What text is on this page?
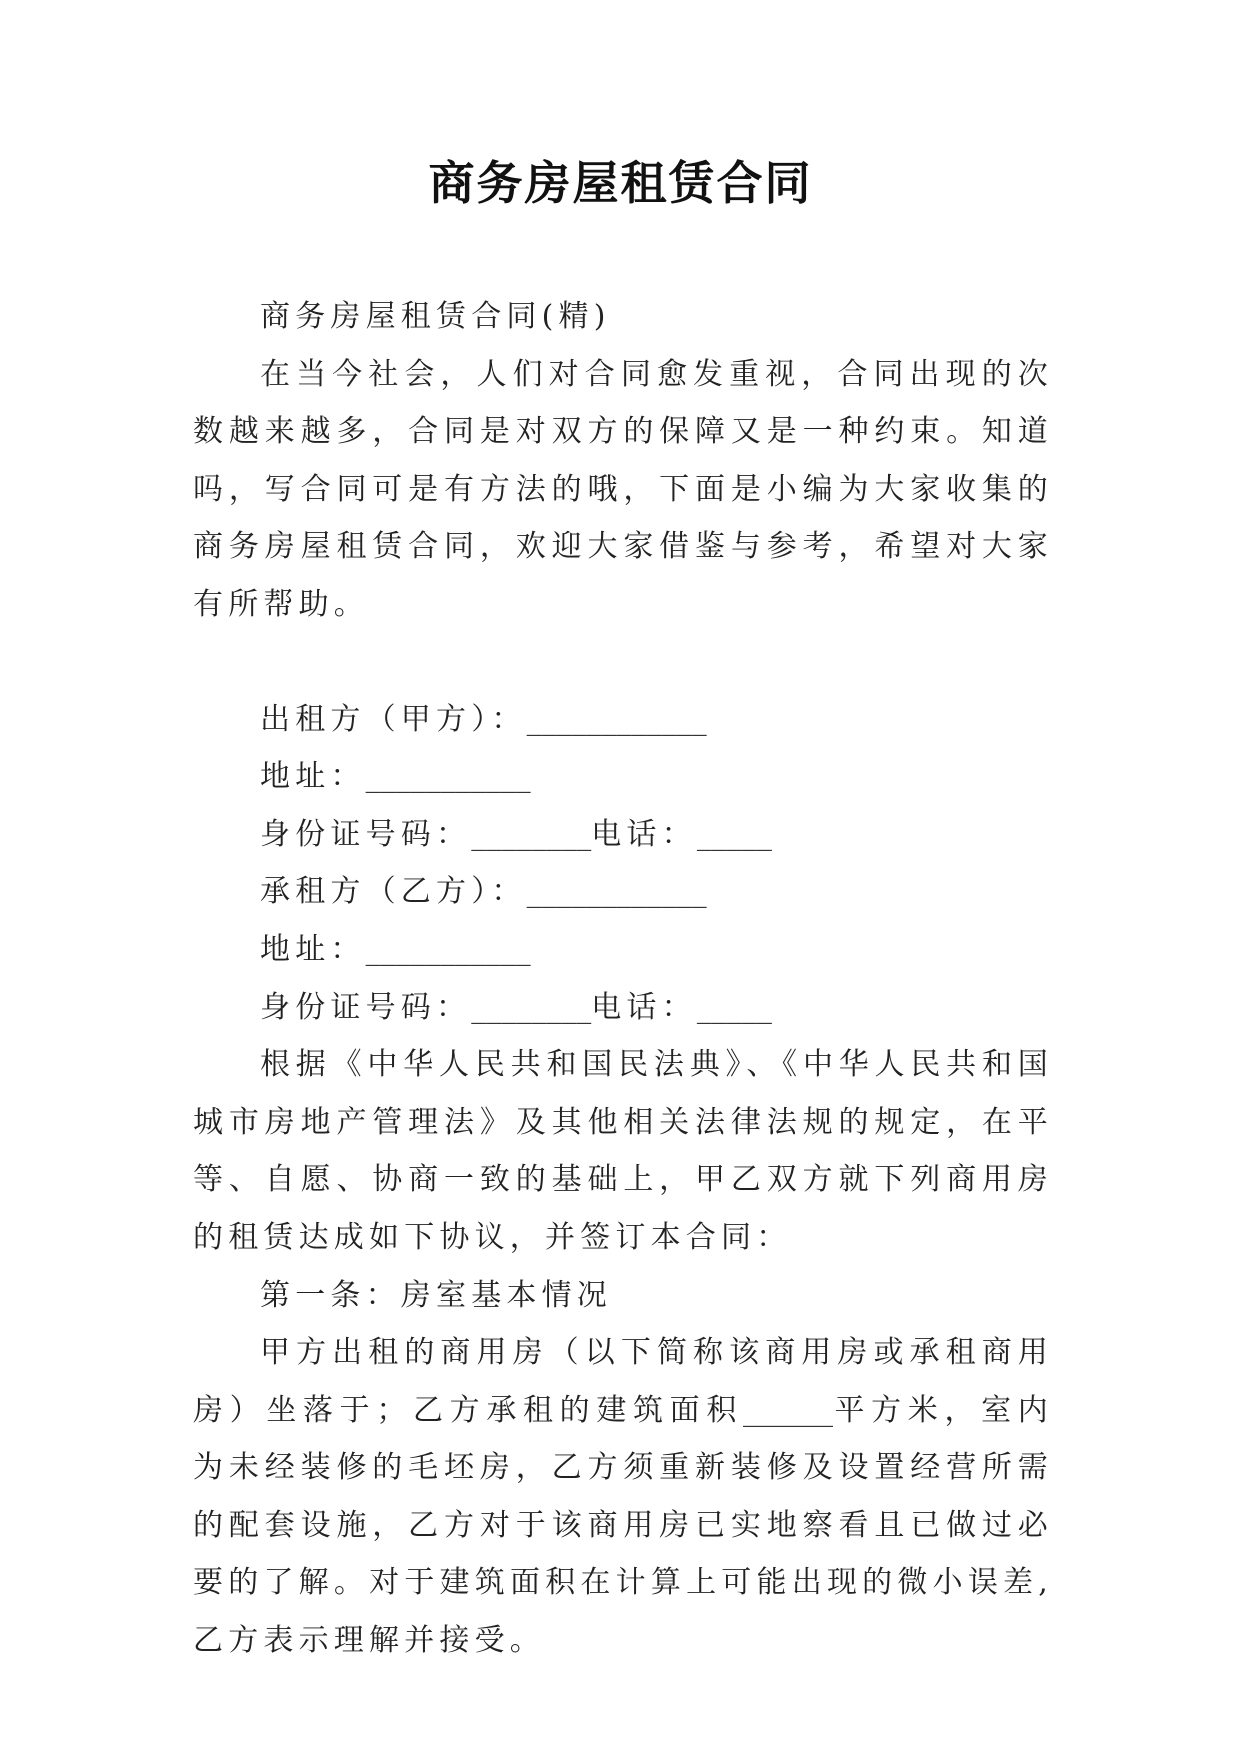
商务房屋租赁合同

商务房屋租赁合同(精)

在当今社会，人们对合同愈发重视，合同出现的次数越来越多，合同是对双方的保障又是一种约束。知道吗，写合同可是有方法的哦，下面是小编为大家收集的商务房屋租赁合同，欢迎大家借鉴与参考，希望对大家有所帮助。

出租方（甲方）：____________

地址：___________

身份证号码：________电话：_____

承租方（乙方）：____________

地址：___________

身份证号码：________电话：_____

根据《中华人民共和国民法典》、《中华人民共和国城市房地产管理法》及其他相关法律法规的规定，在平等、自愿、协商一致的基础上，甲乙双方就下列商用房的租赁达成如下协议，并签订本合同：

第一条：房室基本情况

甲方出租的商用房（以下简称该商用房或承租商用房）坐落于；乙方承租的建筑面积______平方米，室内为未经装修的毛坯房，乙方须重新装修及设置经营所需的配套设施，乙方对于该商用房已实地察看且已做过必要的了解。对于建筑面积在计算上可能出现的微小误差,乙方表示理解并接受。
